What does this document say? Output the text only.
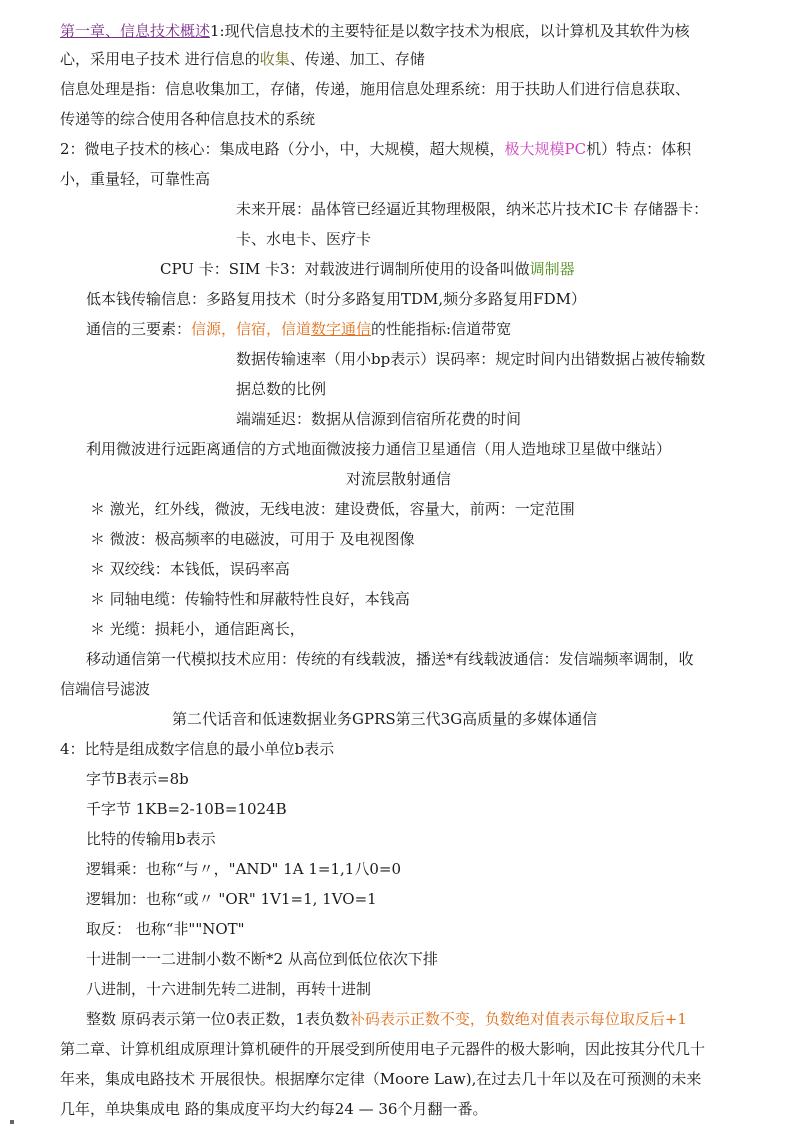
第一章、信息技术概述1:现代信息技术的主要特征是以数字技术为根底，以计算机及其软件为核
心，采用电子技术 进行信息的收集、传递、加工、存储
信息处理是指：信息收集加工，存储，传递，施用信息处理系统：用于扶助人们进行信息获取、
传递等的综合使用各种信息技术的系统
2：微电子技术的核心：集成电路（分小，中，大规模，超大规模，极大规模PC机）特点：体积
小，重量轻，可靠性高
未来开展：晶体管已经逼近其物理极限，纳米芯片技术IC卡 存储器卡：
卡、水电卡、医疗卡
CPU 卡：SIM 卡3：对载波进行调制所使用的设备叫做调制器
低本钱传输信息：多路复用技术（时分多路复用TDM,频分多路复用FDM）
通信的三要素：信源，信宿，信道数字通信的性能指标:信道带宽
数据传输速率（用小bp表示）误码率：规定时间内出错数据占被传输数
据总数的比例
端端延迟：数据从信源到信宿所花费的时间
利用微波进行远距离通信的方式地面微波接力通信卫星通信（用人造地球卫星做中继站）
对流层散射通信
＊ 激光，红外线，微波，无线电波：建设费低，容量大，前两：一定范围
＊ 微波：极高频率的电磁波，可用于 及电视图像
＊ 双绞线：本钱低，误码率高
＊ 同轴电缆：传输特性和屏蔽特性良好，本钱高
＊ 光缆：损耗小，通信距离长，
移动通信第一代模拟技术应用：传统的有线载波，播送*有线载波通信：发信端频率调制，收
信端信号滤波
第二代话音和低速数据业务GPRS第三代3G高质量的多媒体通信
4：比特是组成数字信息的最小单位b表示
字节B表示=8b
千字节 1KB=2-10B=1024B
比特的传输用b表示
逻辑乘：也称“与〃，"AND" 1A 1=1,1八0=0
逻辑加：也称“或〃 "OR" 1V1=1, 1VO=1
取反： 也称“非""NOT"
十进制一一二进制小数不断*2 从高位到低位依次下排
八进制，十六进制先转二进制，再转十进制
整数 原码表示第一位0表正数，1表负数补码表示正数不变，负数绝对值表示每位取反后+1
第二章、计算机组成原理计算机硬件的开展受到所使用电子元器件的极大影响，因此按其分代几十
年来，集成电路技术 开展很快。根据摩尔定律（Moore Law),在过去几十年以及在可预测的未来
几年，单块集成电 路的集成度平均大约每24 — 36个月翻一番。
